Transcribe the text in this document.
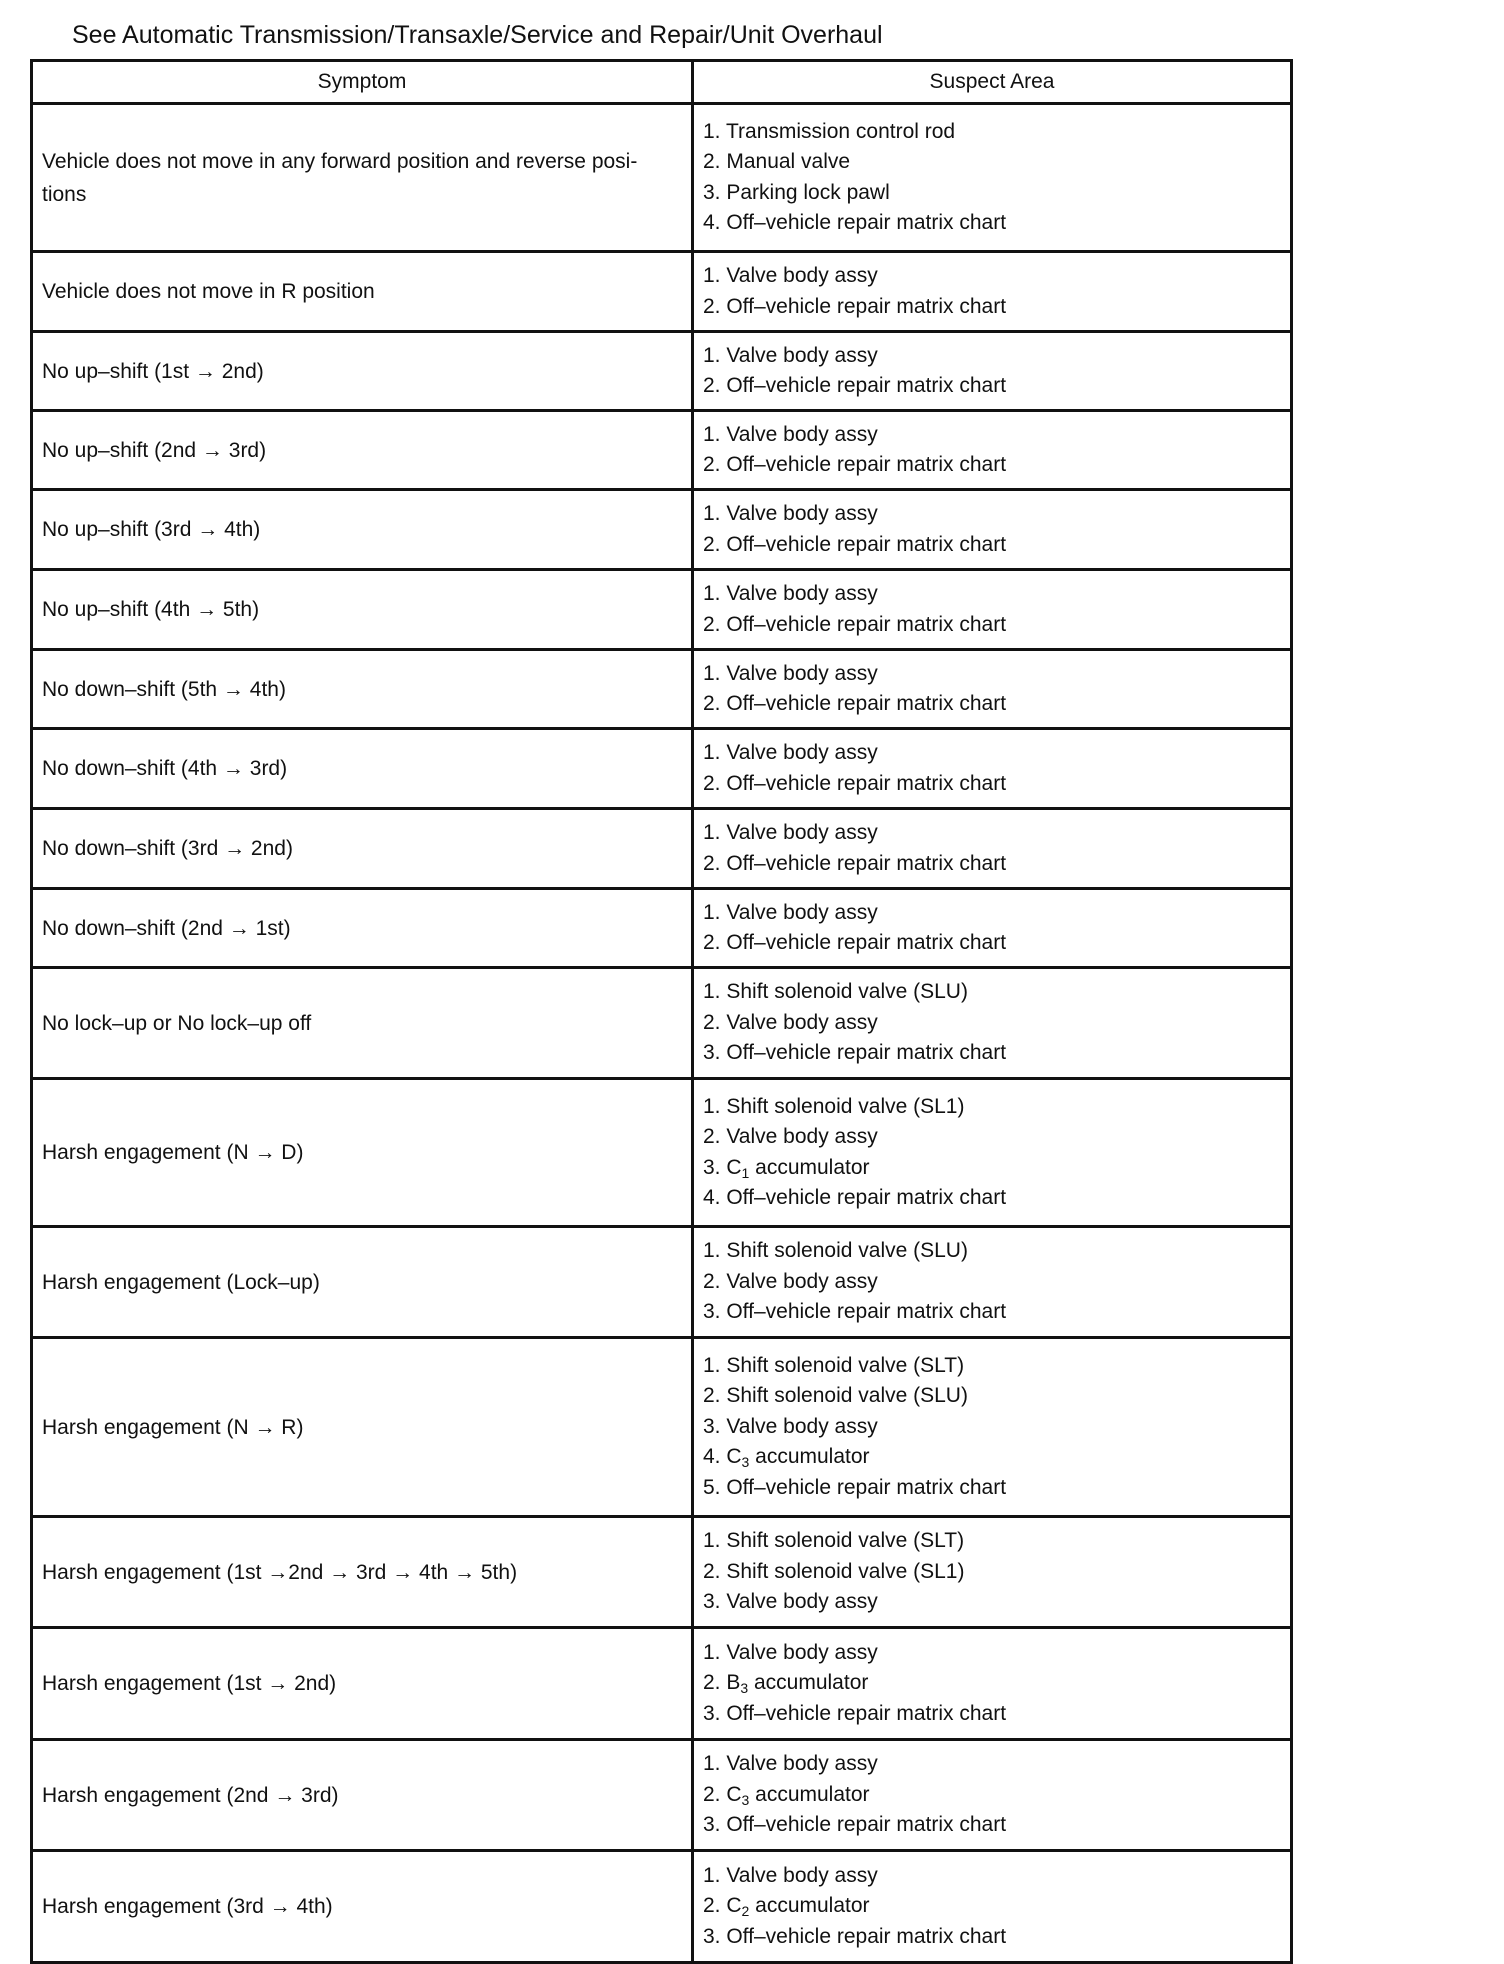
See Automatic Transmission/Transaxle/Service and Repair/Unit Overhaul
Symptom	Suspect Area
Vehicle does not move in any forward position and reverse posi-tions	1. Transmission control rod
2. Manual valve
3. Parking lock pawl
4. Off–vehicle repair matrix chart

Vehicle does not move in R position	1. Valve body assy
2. Off–vehicle repair matrix chart

No up–shift (1st → 2nd)	1. Valve body assy
2. Off–vehicle repair matrix chart

No up–shift (2nd → 3rd)	1. Valve body assy
2. Off–vehicle repair matrix chart

No up–shift (3rd → 4th)	1. Valve body assy
2. Off–vehicle repair matrix chart

No up–shift (4th → 5th)	1. Valve body assy
2. Off–vehicle repair matrix chart

No down–shift (5th → 4th)	1. Valve body assy
2. Off–vehicle repair matrix chart

No down–shift (4th → 3rd)	1. Valve body assy
2. Off–vehicle repair matrix chart

No down–shift (3rd → 2nd)	1. Valve body assy
2. Off–vehicle repair matrix chart

No down–shift (2nd → 1st)	1. Valve body assy
2. Off–vehicle repair matrix chart

No lock–up or No lock–up off	1. Shift solenoid valve (SLU)
2. Valve body assy
3. Off–vehicle repair matrix chart

Harsh engagement (N → D)	1. Shift solenoid valve (SL1)
2. Valve body assy
3. $C_1$ accumulator
4. Off–vehicle repair matrix chart

Harsh engagement (Lock–up)	1. Shift solenoid valve (SLU)
2. Valve body assy
3. Off–vehicle repair matrix chart

Harsh engagement (N → R)	1. Shift solenoid valve (SLT)
2. Shift solenoid valve (SLU)
3. Valve body assy
4. $C_3$ accumulator
5. Off–vehicle repair matrix chart

Harsh engagement (1st →2nd → 3rd → 4th → 5th)	1. Shift solenoid valve (SLT)
2. Shift solenoid valve (SL1)
3. Valve body assy

Harsh engagement (1st → 2nd)	1. Valve body assy
2. $B_3$ accumulator
3. Off–vehicle repair matrix chart

Harsh engagement (2nd → 3rd)	1. Valve body assy
2. $C_3$ accumulator
3. Off–vehicle repair matrix chart

Harsh engagement (3rd → 4th)	1. Valve body assy
2. $C_2$ accumulator
3. Off–vehicle repair matrix chart
